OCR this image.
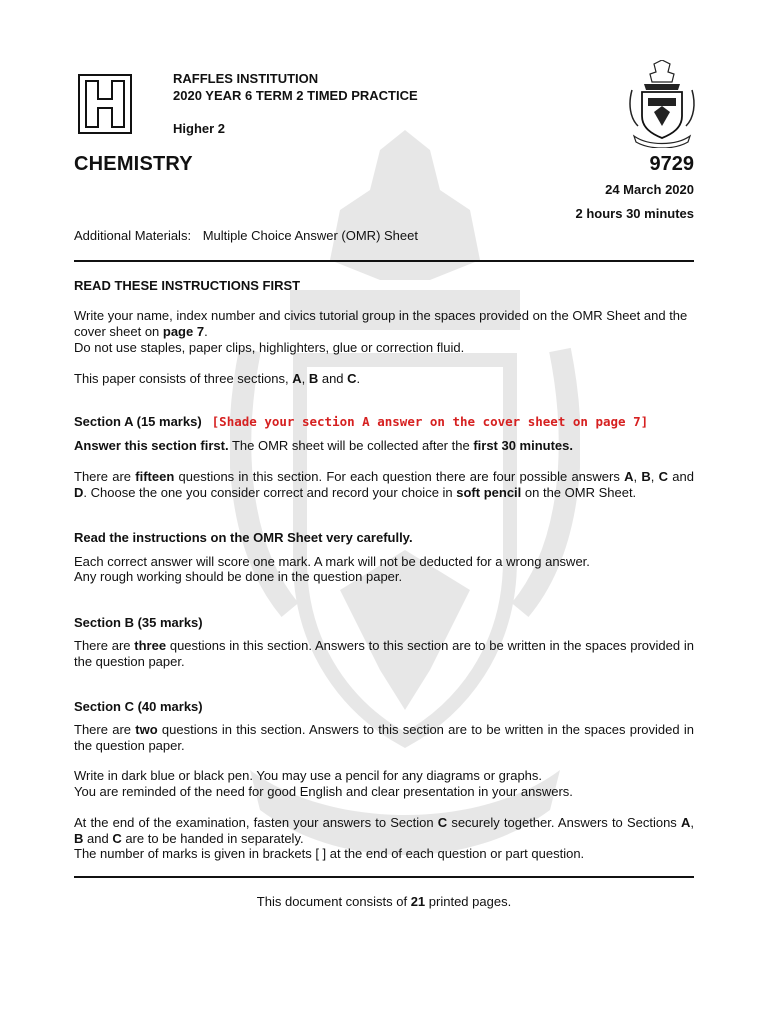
RAFFLES INSTITUTION
2020 YEAR 6 TERM 2 TIMED PRACTICE
Higher 2
CHEMISTRY	9729
24 March 2020
2 hours 30 minutes
Additional Materials: Multiple Choice Answer (OMR) Sheet
READ THESE INSTRUCTIONS FIRST
Write your name, index number and civics tutorial group in the spaces provided on the OMR Sheet and the cover sheet on page 7.
Do not use staples, paper clips, highlighters, glue or correction fluid.
This paper consists of three sections, A, B and C.
Section A (15 marks) [Shade your section A answer on the cover sheet on page 7]
Answer this section first. The OMR sheet will be collected after the first 30 minutes.
There are fifteen questions in this section. For each question there are four possible answers A, B, C and D. Choose the one you consider correct and record your choice in soft pencil on the OMR Sheet.
Read the instructions on the OMR Sheet very carefully.
Each correct answer will score one mark. A mark will not be deducted for a wrong answer.
Any rough working should be done in the question paper.
Section B (35 marks)
There are three questions in this section. Answers to this section are to be written in the spaces provided in the question paper.
Section C (40 marks)
There are two questions in this section. Answers to this section are to be written in the spaces provided in the question paper.
Write in dark blue or black pen. You may use a pencil for any diagrams or graphs.
You are reminded of the need for good English and clear presentation in your answers.
At the end of the examination, fasten your answers to Section C securely together. Answers to Sections A, B and C are to be handed in separately.
The number of marks is given in brackets [ ] at the end of each question or part question.
This document consists of 21 printed pages.
